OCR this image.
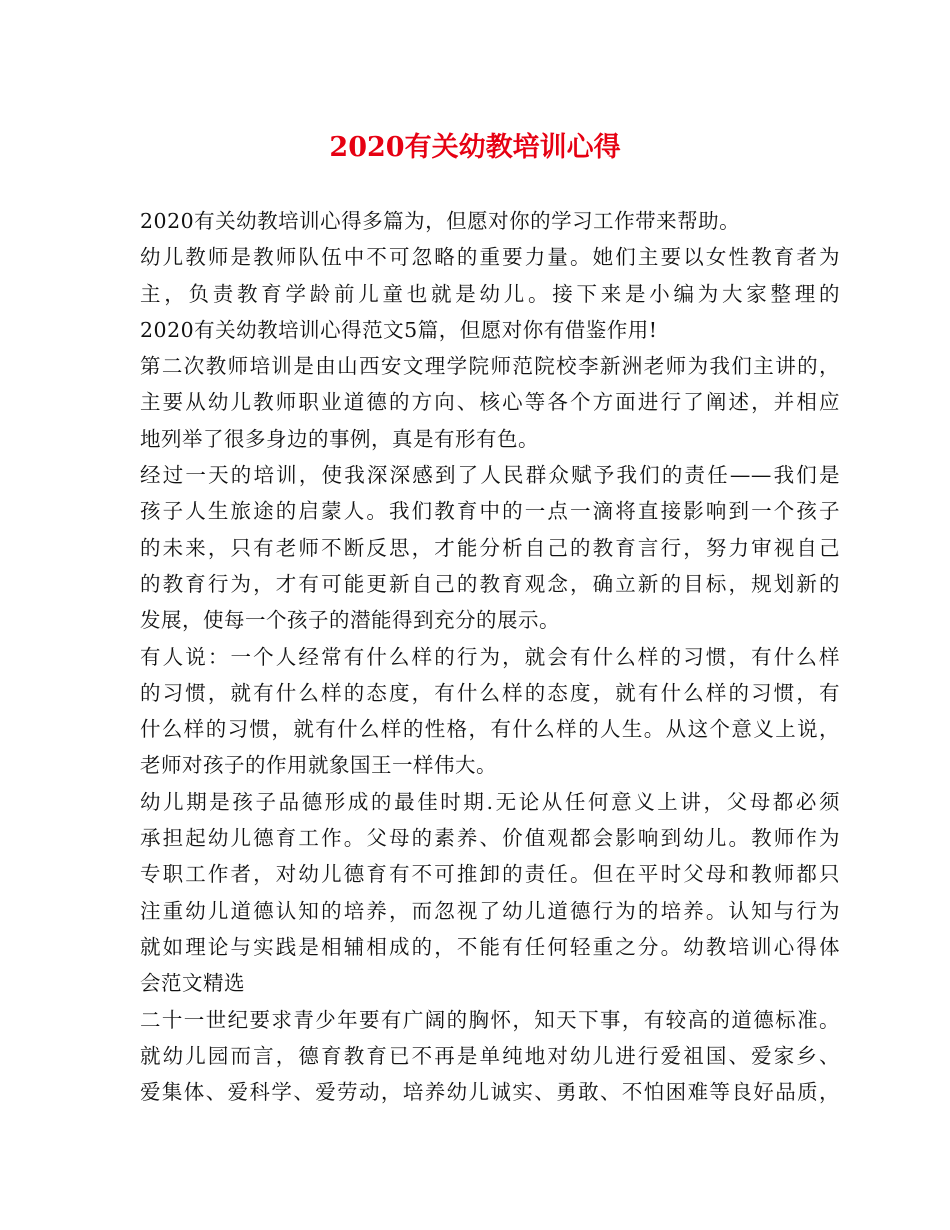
2020有关幼教培训心得
2020有关幼教培训心得多篇为，但愿对你的学习工作带来帮助。
幼儿教师是教师队伍中不可忽略的重要力量。她们主要以女性教育者为
主，负责教育学龄前儿童也就是幼儿。接下来是小编为大家整理的
2020有关幼教培训心得范文5篇，但愿对你有借鉴作用!
第二次教师培训是由山西安文理学院师范院校李新洲老师为我们主讲的，
主要从幼儿教师职业道德的方向、核心等各个方面进行了阐述，并相应
地列举了很多身边的事例，真是有形有色。
经过一天的培训，使我深深感到了人民群众赋予我们的责任——我们是
孩子人生旅途的启蒙人。我们教育中的一点一滴将直接影响到一个孩子
的未来，只有老师不断反思，才能分析自己的教育言行，努力审视自己
的教育行为，才有可能更新自己的教育观念，确立新的目标，规划新的
发展，使每一个孩子的潜能得到充分的展示。
有人说：一个人经常有什么样的行为，就会有什么样的习惯，有什么样
的习惯，就有什么样的态度，有什么样的态度，就有什么样的习惯，有
什么样的习惯，就有什么样的性格，有什么样的人生。从这个意义上说，
老师对孩子的作用就象国王一样伟大。
幼儿期是孩子品德形成的最佳时期.无论从任何意义上讲，父母都必须
承担起幼儿德育工作。父母的素养、价值观都会影响到幼儿。教师作为
专职工作者，对幼儿德育有不可推卸的责任。但在平时父母和教师都只
注重幼儿道德认知的培养，而忽视了幼儿道德行为的培养。认知与行为
就如理论与实践是相辅相成的，不能有任何轻重之分。幼教培训心得体
会范文精选
二十一世纪要求青少年要有广阔的胸怀，知天下事，有较高的道德标准。
就幼儿园而言，德育教育已不再是单纯地对幼儿进行爱祖国、爱家乡、
爱集体、爱科学、爱劳动，培养幼儿诚实、勇敢、不怕困难等良好品质，
